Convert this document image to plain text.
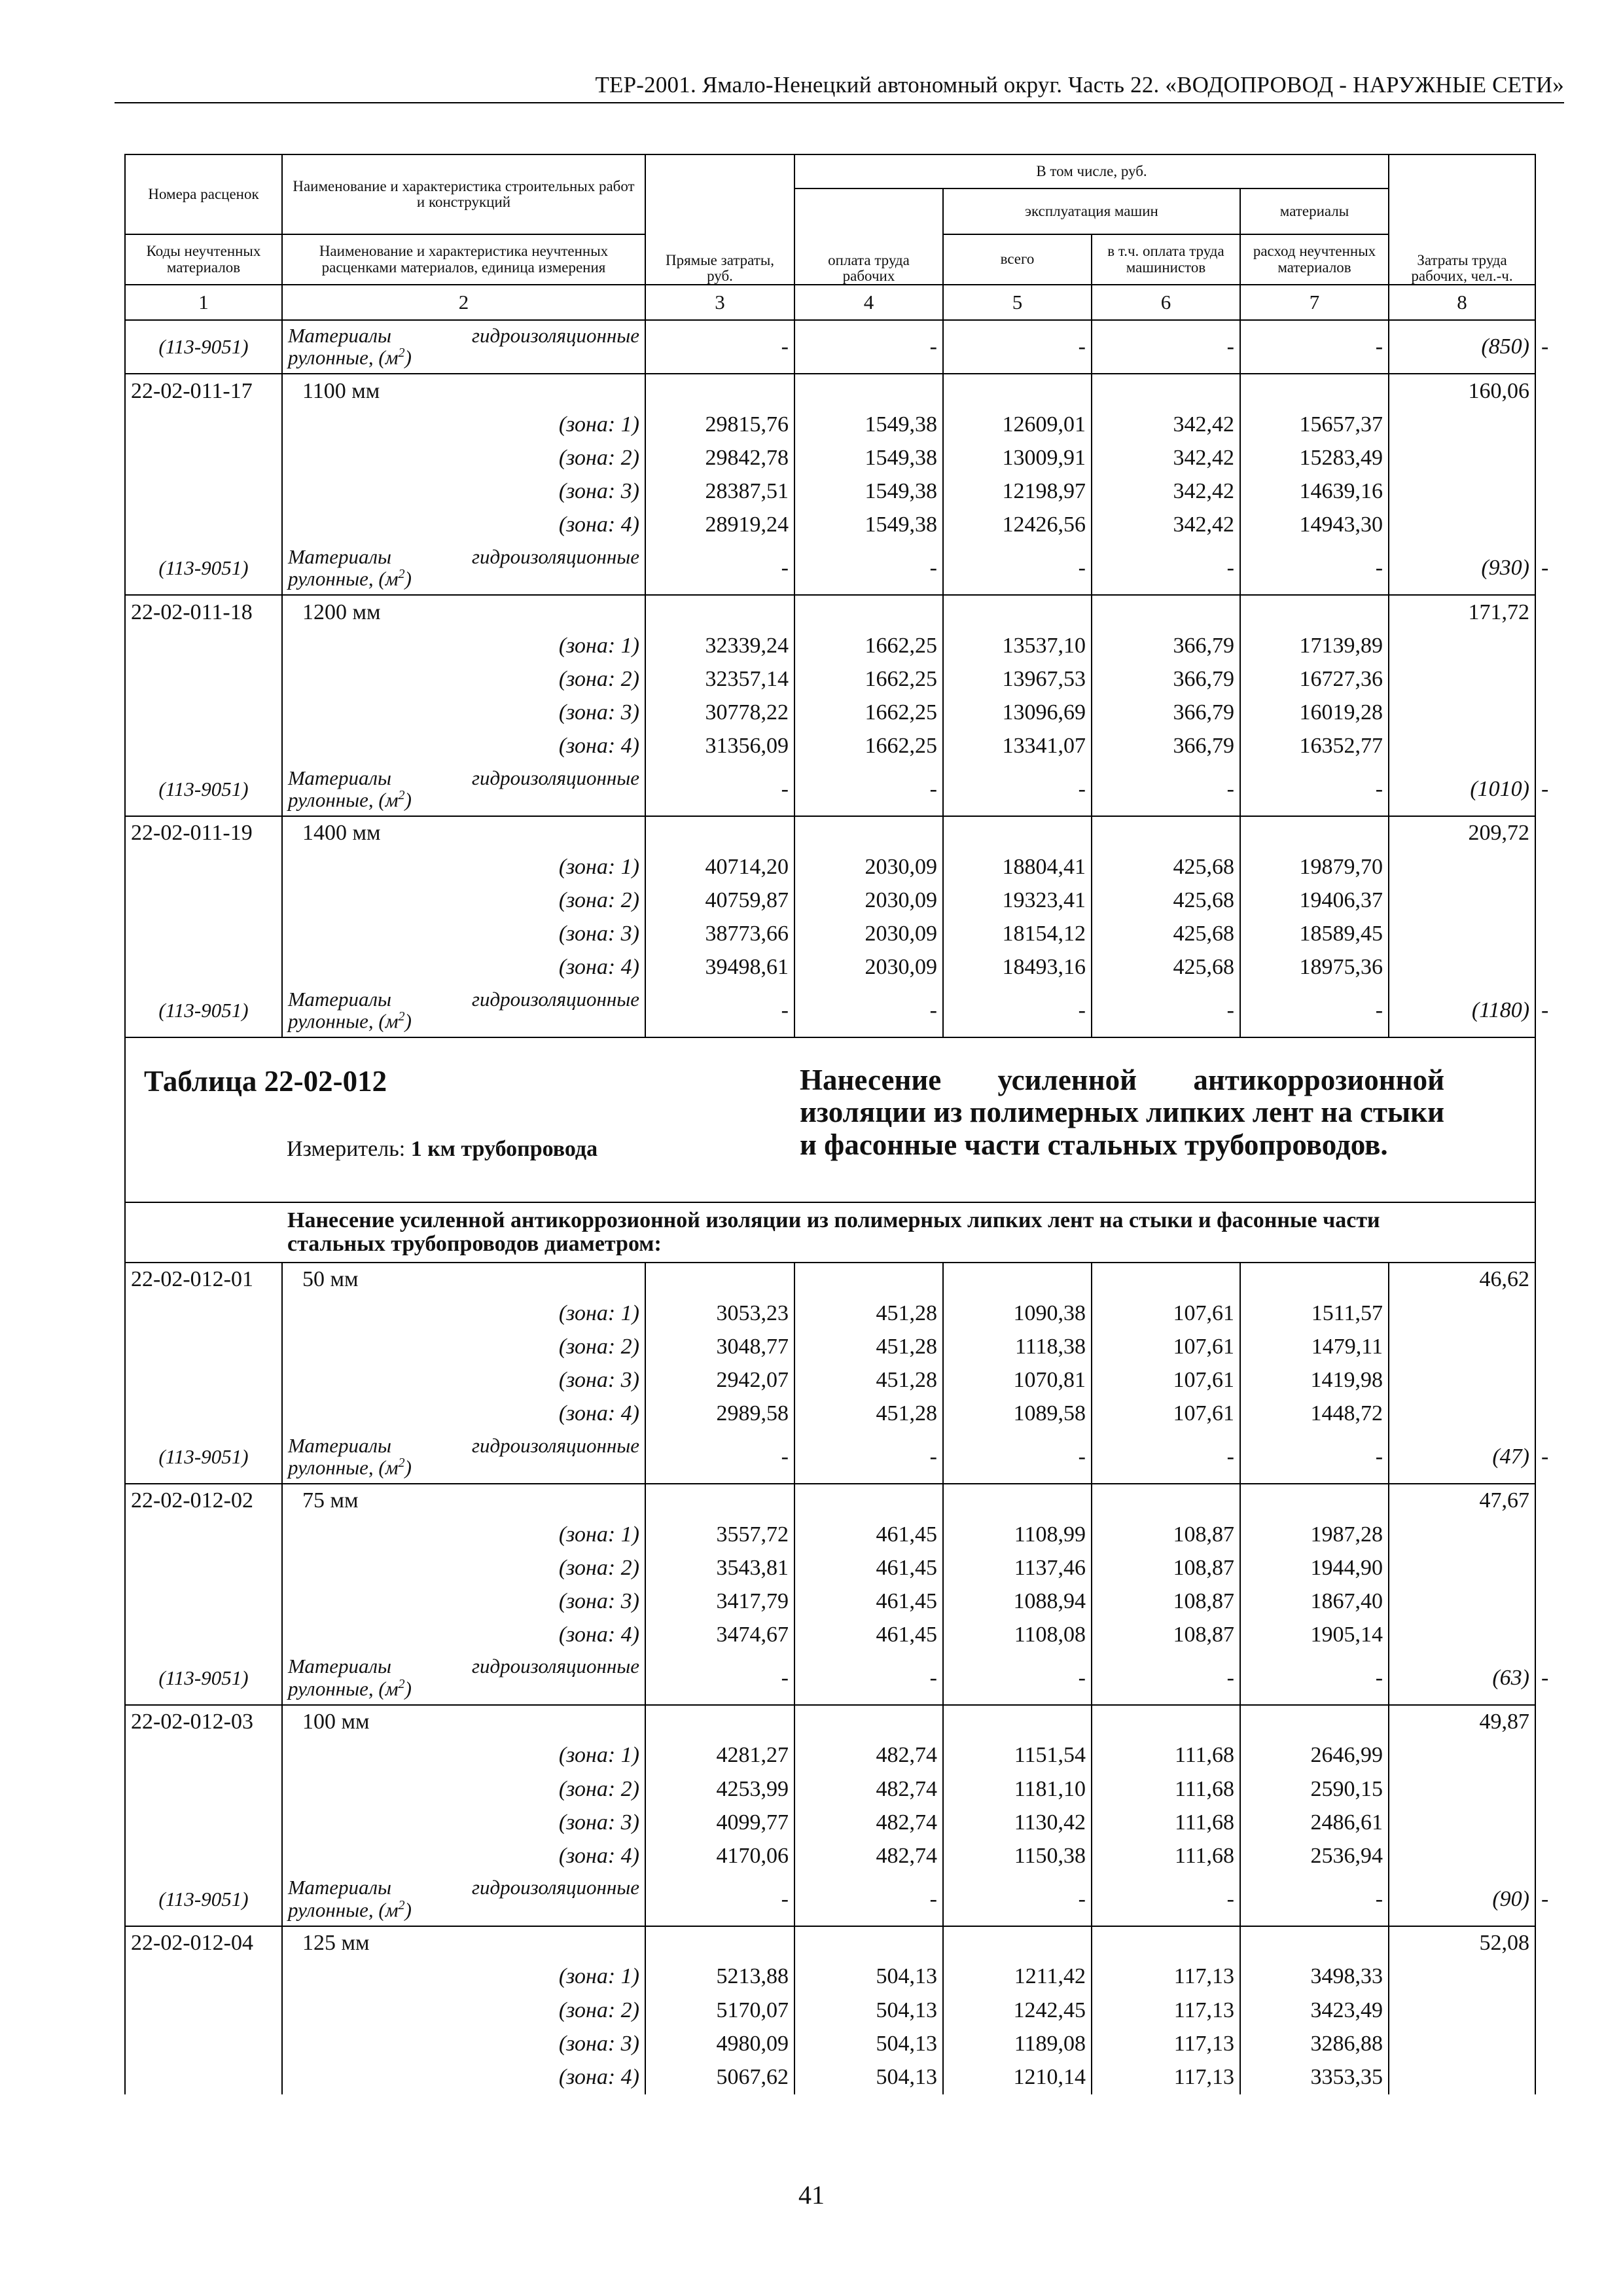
ТЕР-2001. Ямало-Ненецкий автономный округ. Часть 22. «ВОДОПРОВОД - НАРУЖНЫЕ СЕТИ»
Номера расценок	Наименование и характеристика строительных работ и конструкций	Прямые затраты, руб.	В том числе, руб.				Затраты труда рабочих, чел.-ч.	
			оплата труда рабочих	эксплуатация машин		материалы		
Коды неучтенных материалов	Наименование и характеристика неучтенных расценками материалов, единица измерения			всего	в т.ч. оплата труда машинистов	расход неучтенных материалов		
1	2	3	4	5	6	7	8	
(113-9051)	Материалы гидроизоляционные рулонные, $(м^2)$	-	-	-	-	-	(850)	-
22-02-011-17	1100 мм						160,06	
	(зона: 1)	29815,76	1549,38	12609,01	342,42	15657,37		
	(зона: 2)	29842,78	1549,38	13009,91	342,42	15283,49		
	(зона: 3)	28387,51	1549,38	12198,97	342,42	14639,16		
	(зона: 4)	28919,24	1549,38	12426,56	342,42	14943,30		
(113-9051)	Материалы гидроизоляционные рулонные, $(м^2)$	-	-	-	-	-	(930)	-
22-02-011-18	1200 мм						171,72	
	(зона: 1)	32339,24	1662,25	13537,10	366,79	17139,89		
	(зона: 2)	32357,14	1662,25	13967,53	366,79	16727,36		
	(зона: 3)	30778,22	1662,25	13096,69	366,79	16019,28		
	(зона: 4)	31356,09	1662,25	13341,07	366,79	16352,77		
(113-9051)	Материалы гидроизоляционные рулонные, $(м^2)$	-	-	-	-	-	(1010)	-
22-02-011-19	1400 мм						209,72	
	(зона: 1)	40714,20	2030,09	18804,41	425,68	19879,70		
	(зона: 2)	40759,87	2030,09	19323,41	425,68	19406,37		
	(зона: 3)	38773,66	2030,09	18154,12	425,68	18589,45		
	(зона: 4)	39498,61	2030,09	18493,16	425,68	18975,36		
(113-9051)	Материалы гидроизоляционные рулонные, $(м^2)$	-	-	-	-	-	(1180)	-

Таблица 22-02-012
Измеритель: 1 км трубопровода			Нанесение усиленной антикоррозионной изоляции из полимерных липких лент на стыки и фасонные части стальных трубопроводов.					

	Нанесение усиленной антикоррозионной изоляции из полимерных липких лент на стыки и фасонные части стальных трубопроводов диаметром:							
22-02-012-01	50 мм						46,62	
	(зона: 1)	3053,23	451,28	1090,38	107,61	1511,57		
	(зона: 2)	3048,77	451,28	1118,38	107,61	1479,11		
	(зона: 3)	2942,07	451,28	1070,81	107,61	1419,98		
	(зона: 4)	2989,58	451,28	1089,58	107,61	1448,72		
(113-9051)	Материалы гидроизоляционные рулонные, $(м^2)$	-	-	-	-	-	(47)	-
22-02-012-02	75 мм						47,67	
	(зона: 1)	3557,72	461,45	1108,99	108,87	1987,28		
	(зона: 2)	3543,81	461,45	1137,46	108,87	1944,90		
	(зона: 3)	3417,79	461,45	1088,94	108,87	1867,40		
	(зона: 4)	3474,67	461,45	1108,08	108,87	1905,14		
(113-9051)	Материалы гидроизоляционные рулонные, $(м^2)$	-	-	-	-	-	(63)	-
22-02-012-03	100 мм						49,87	
	(зона: 1)	4281,27	482,74	1151,54	111,68	2646,99		
	(зона: 2)	4253,99	482,74	1181,10	111,68	2590,15		
	(зона: 3)	4099,77	482,74	1130,42	111,68	2486,61		
	(зона: 4)	4170,06	482,74	1150,38	111,68	2536,94		
(113-9051)	Материалы гидроизоляционные рулонные, $(м^2)$	-	-	-	-	-	(90)	-
22-02-012-04	125 мм						52,08	
	(зона: 1)	5213,88	504,13	1211,42	117,13	3498,33		
	(зона: 2)	5170,07	504,13	1242,45	117,13	3423,49		
	(зона: 3)	4980,09	504,13	1189,08	117,13	3286,88		
	(зона: 4)	5067,62	504,13	1210,14	117,13	3353,35		
41
